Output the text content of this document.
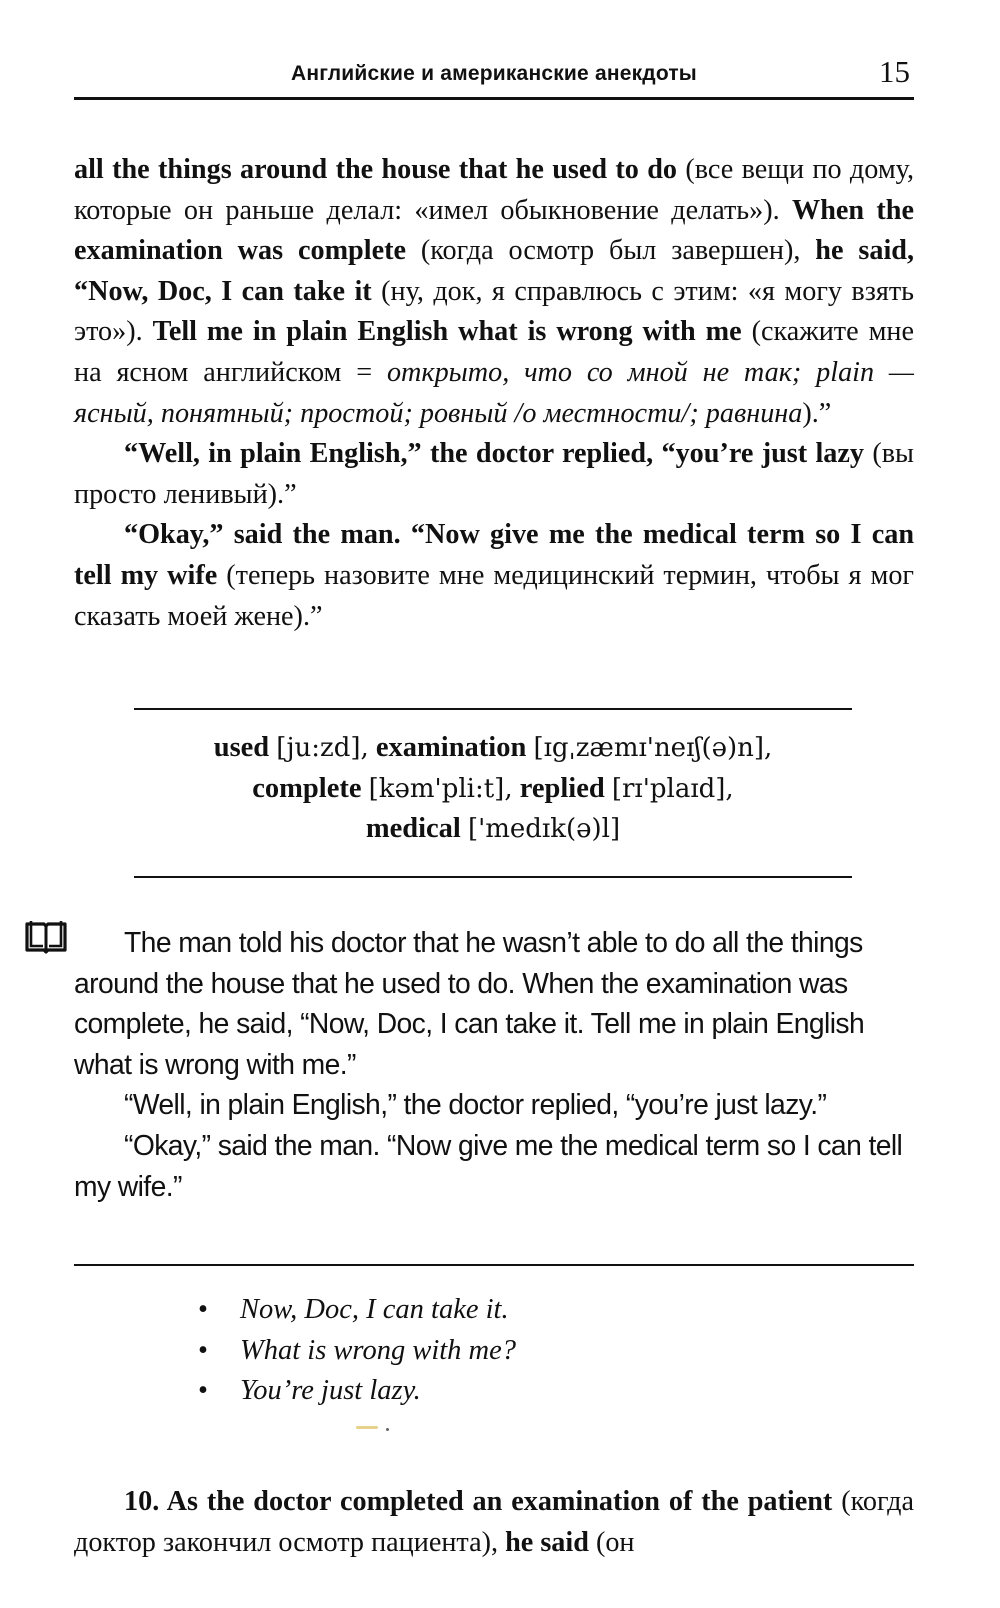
Английские и американские анекдоты	15

all the things around the house that he used to do (все вещи по дому, которые он раньше делал: «имел обыкновение делать»). When the examination was complete (когда осмотр был завершен), he said, “Now, Doc, I can take it (ну, док, я справлюсь с этим: «я могу взять это»). Tell me in plain English what is wrong with me (скажите мне на ясном английском = открыто, что со мной не так; plain — ясный, понятный; простой; ровный /о местности/; равнина).”

“Well, in plain English,” the doctor replied, “you’re just lazy (вы просто ленивый).”

“Okay,” said the man. “Now give me the medical term so I can tell my wife (теперь назовите мне медицинский термин, чтобы я мог сказать моей жене).”

used [ju:zd], examination [ɪgˌzæmɪ'neɪʃ(ə)n],
complete [kəm'pli:t], replied [rɪ'plaɪd],
medical ['medɪk(ə)l]

The man told his doctor that he wasn’t able to do all the things around the house that he used to do. When the examination was complete, he said, “Now, Doc, I can take it. Tell me in plain English what is wrong with me.”

“Well, in plain English,” the doctor replied, “you’re just lazy.”

“Okay,” said the man. “Now give me the medical term so I can tell my wife.”

• Now, Doc, I can take it.
• What is wrong with me?
• You’re just lazy.

10. As the doctor completed an examination of the patient (когда доктор закончил осмотр пациента), he said (он
